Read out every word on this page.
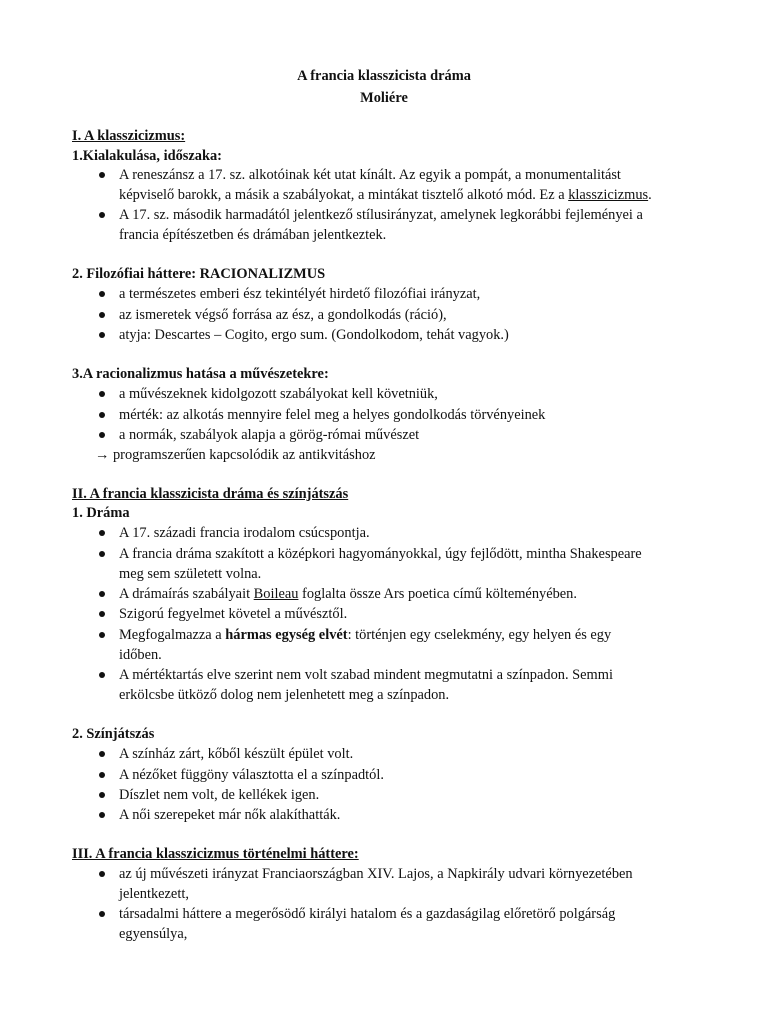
A francia klasszicista dráma
Moliére
I. A klasszicizmus:
1.Kialakulása, időszaka:
A reneszánsz a 17. sz. alkotóinak két utat kínált. Az egyik a pompát, a monumentalitást
képviselő barokk, a másik a szabályokat, a mintákat tisztelő alkotó mód. Ez a klasszicizmus.
A 17. sz. második harmadától jelentkező stílusirányzat, amelynek legkorábbi fejleményei a
francia építészetben és drámában jelentkeztek.
2. Filozófiai háttere: RACIONALIZMUS
a természetes emberi ész tekintélyét hirdető filozófiai irányzat,
az ismeretek végső forrása az ész, a gondolkodás (ráció),
atyja: Descartes – Cogito, ergo sum. (Gondolkodom, tehát vagyok.)
3.A racionalizmus hatása a művészetekre:
a művészeknek kidolgozott szabályokat kell követniük,
mérték: az alkotás mennyire felel meg a helyes gondolkodás törvényeinek
a normák, szabályok alapja a görög-római művészet
→ programszerűen kapcsolódik az antikvitáshoz
II. A francia klasszicista dráma és színjátszás
1. Dráma
A 17. századi francia irodalom csúcspontja.
A francia dráma szakított a középkori hagyományokkal, úgy fejlődött, mintha Shakespeare
meg sem született volna.
A drámaírás szabályait Boileau foglalta össze Ars poetica című költeményében.
Szigorú fegyelmet követel a művésztől.
Megfogalmazza a hármas egység elvét: történjen egy cselekmény, egy helyen és egy
időben.
A mértéktartás elve szerint nem volt szabad mindent megmutatni a színpadon. Semmi
erkölcsbe ütköző dolog nem jelenhetett meg a színpadon.
2. Színjátszás
A színház zárt, kőből készült épület volt.
A nézőket függöny választotta el a színpadtól.
Díszlet nem volt, de kellékek igen.
A női szerepeket már nők alakíthatták.
III. A francia klasszicizmus történelmi háttere:
az új művészeti irányzat Franciaországban XIV. Lajos, a Napkirály udvari környezetében
jelentkezett,
társadalmi háttere a megerősödő királyi hatalom és a gazdaságilag előretörő polgárság
egyensúlya,
